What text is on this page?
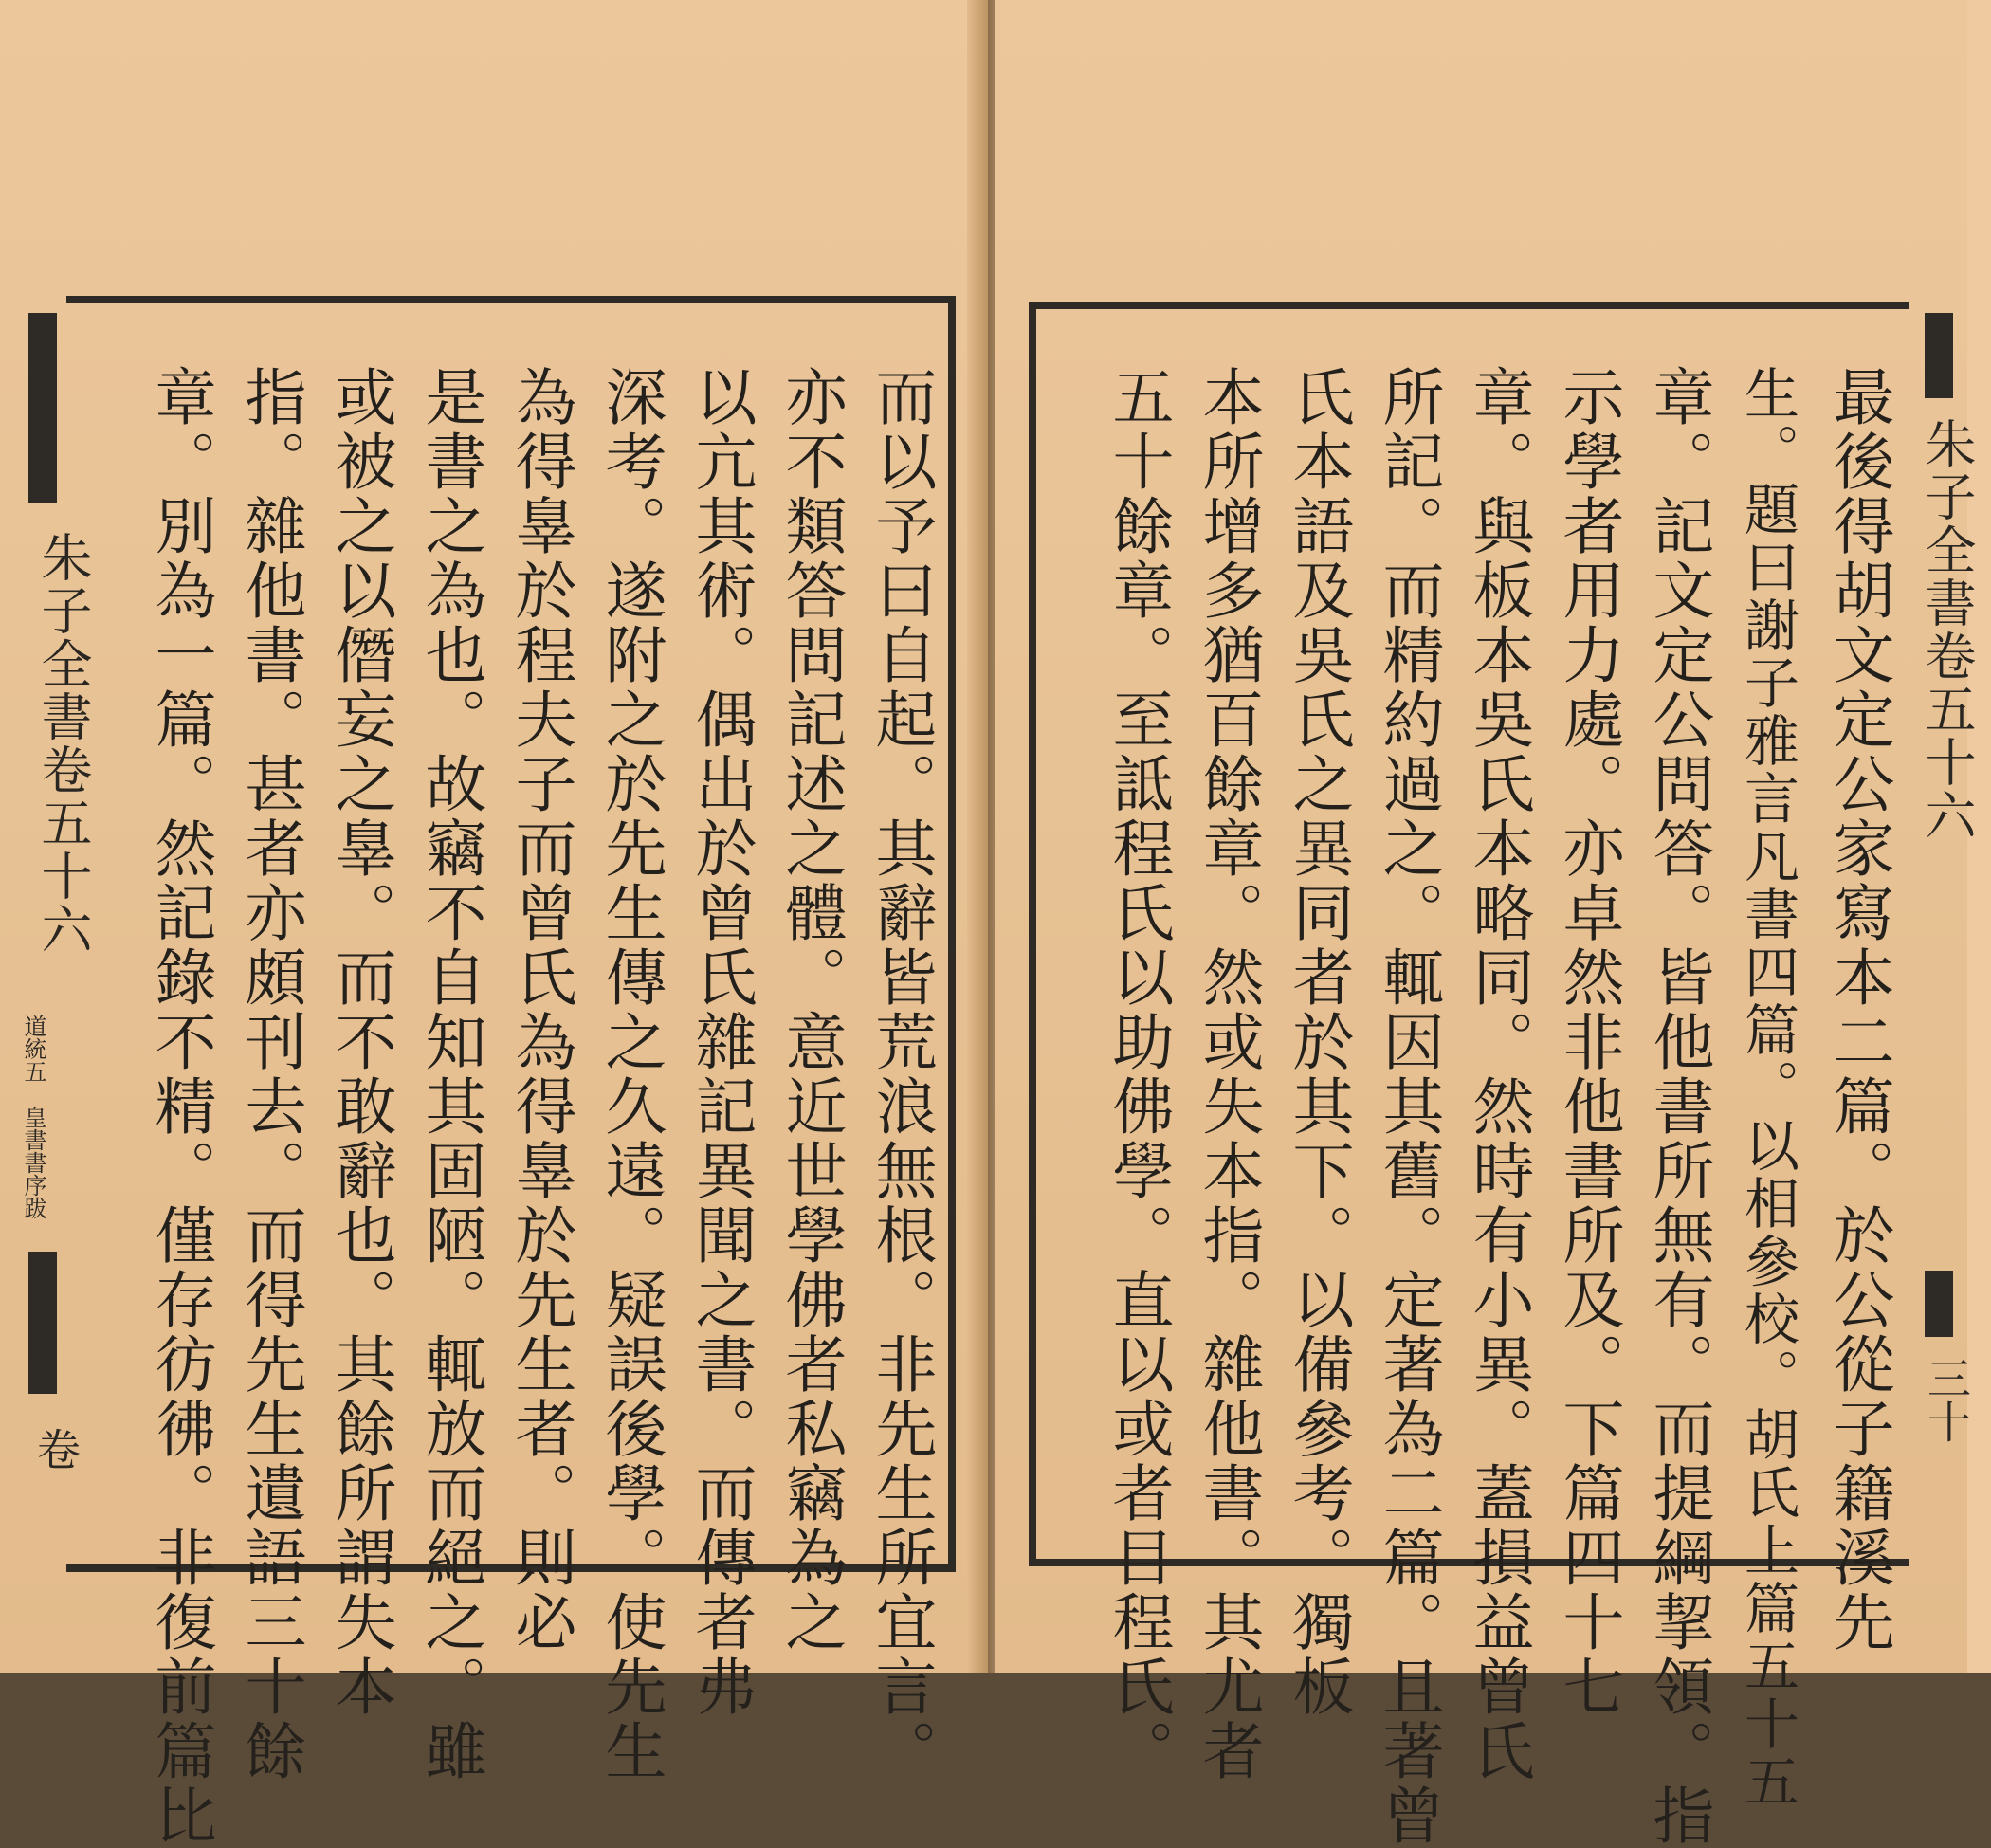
朱子全書卷五十六
道統五　皇書書序跋
卷
朱子全書卷五十六
三十
而以予曰自起。其辭皆荒浪無根。非先生所宜言。
亦不類答問記述之體。意近世學佛者私竊為之
以亢其術。偶出於曾氏雜記異聞之書。而傳者弗
深考。遂附之於先生傳之久遠。疑誤後學。使先生
為得辠於程夫子而曾氏為得辠於先生者。則必
是書之為也。故竊不自知其固陋。輒放而絕之。雖
或被之以僭妄之辠。而不敢辭也。其餘所謂失本
指。雜他書。甚者亦頗刊去。而得先生遺語三十餘
章。別為一篇。然記錄不精。僅存彷彿。非復前篇比	最後得胡文定公家寫本二篇。於公從子籍溪先
生。題曰謝子雅言凡書四篇。以相參校。胡氏上篇五十五
章。記文定公問答。皆他書所無有。而提綱挈領。指
示學者用力處。亦卓然非他書所及。下篇四十七
章。與板本吳氏本略同。然時有小異。蓋損益曾氏
所記。而精約過之。輒因其舊。定著為二篇。且著曾
氏本語及吳氏之異同者於其下。以備參考。獨板
本所增多猶百餘章。然或失本指。雜他書。其尤者
五十餘章。至詆程氏以助佛學。直以或者目程氏。
